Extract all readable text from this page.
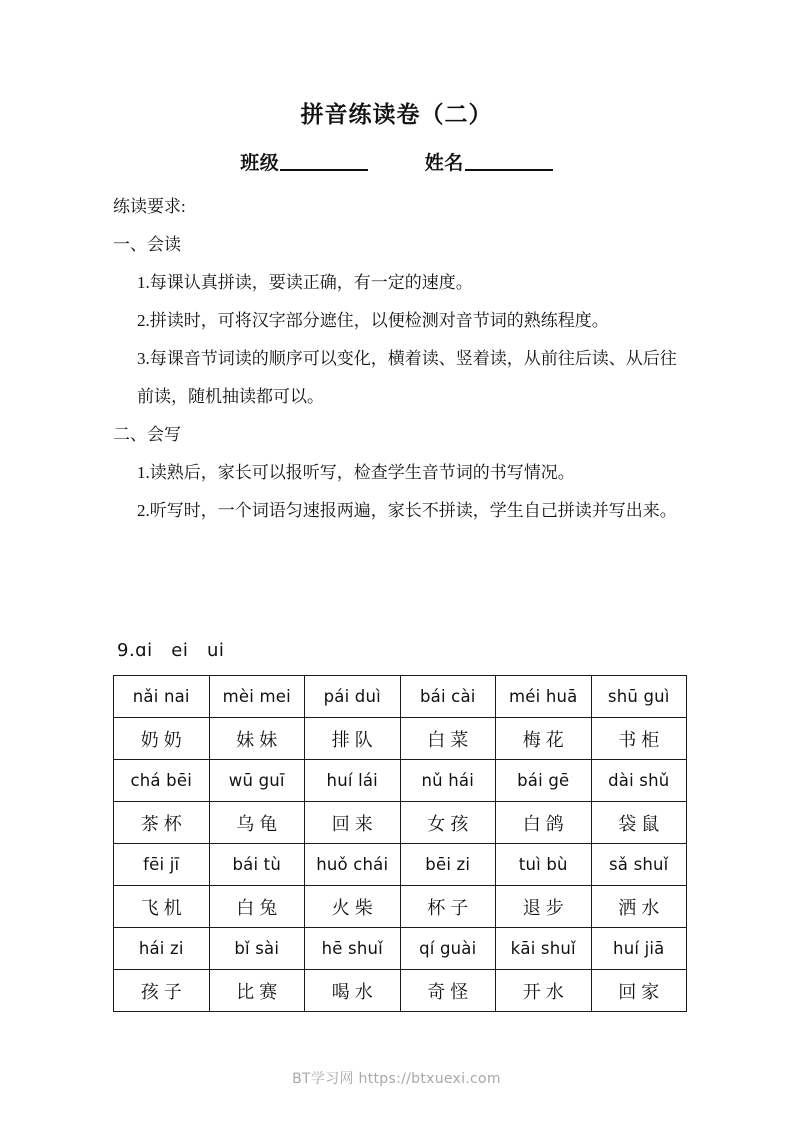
拼音练读卷（二）
班级	姓名

练读要求:

一、会读

1.每课认真拼读，要读正确，有一定的速度。

2.拼读时，可将汉字部分遮住，以便检测对音节词的熟练程度。

3.每课音节词读的顺序可以变化，横着读、竖着读，从前往后读、从后往前读，随机抽读都可以。

二、会写

1.读熟后，家长可以报听写，检查学生音节词的书写情况。

2.听写时，一个词语匀速报两遍，家长不拼读，学生自己拼读并写出来。

9.ɑi   ei   ui
nǎi nai	mèi mei	pái duì	bái cài	méi huā	shū guì
奶奶	妹妹	排队	白菜	梅花	书柜
chá bēi	wū guī	huí lái	nǔ hái	bái gē	dài shǔ
茶杯	乌龟	回来	女孩	白鸽	袋鼠
fēi jī	bái tù	huǒ chái	bēi zi	tuì bù	sǎ shuǐ
飞机	白兔	火柴	杯子	退步	洒水
hái zi	bǐ sài	hē shuǐ	qí guài	kāi shuǐ	huí jiā
孩子	比赛	喝水	奇怪	开水	回家
BT学习网 https://btxuexi.com
